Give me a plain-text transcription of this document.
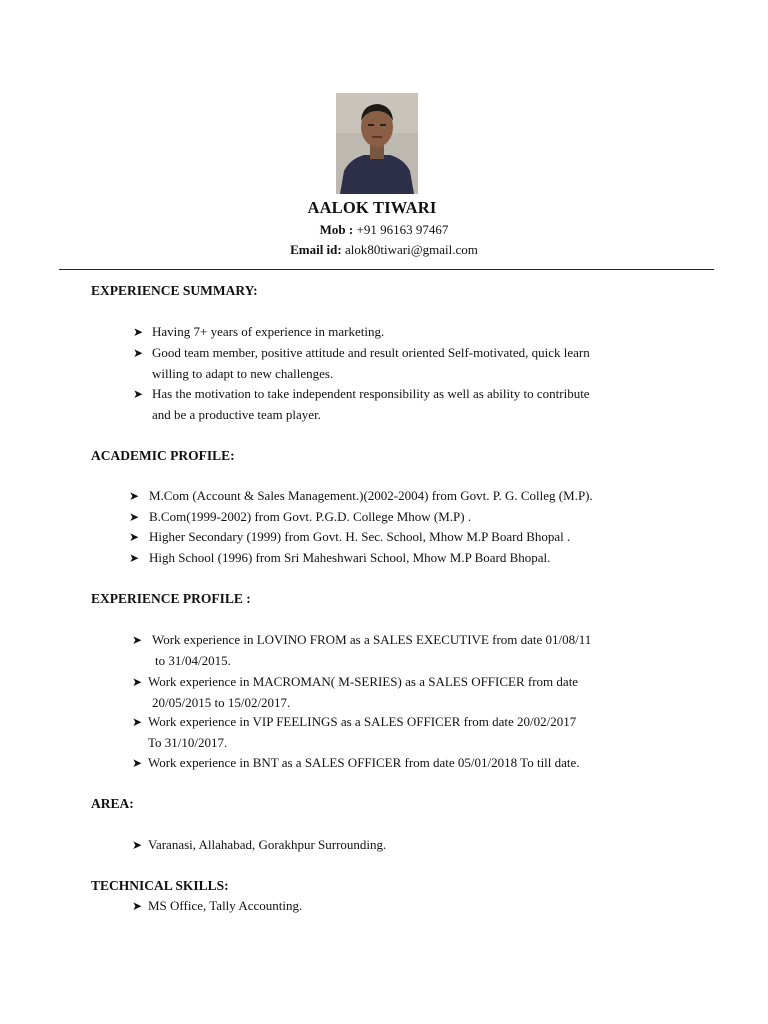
AALOK TIWARI
Mob : +91 96163 97467
Email id: alok80tiwari@gmail.com
EXPERIENCE SUMMARY:
➤ Having 7+ years of experience in marketing.
➤ Good team member, positive attitude and result oriented Self-motivated, quick learn
willing to adapt to new challenges.
➤ Has the motivation to take independent responsibility as well as ability to contribute
and be a productive team player.
ACADEMIC PROFILE:
➤ M.Com (Account & Sales Management.)(2002-2004) from Govt. P. G. Colleg (M.P).
➤ B.Com(1999-2002) from Govt. P.G.D. College Mhow (M.P) .
➤ Higher Secondary (1999) from Govt. H. Sec. School, Mhow M.P Board Bhopal .
➤ High School (1996) from Sri Maheshwari School, Mhow M.P Board Bhopal.
EXPERIENCE PROFILE :
➤ Work experience in LOVINO FROM as a SALES EXECUTIVE from date 01/08/11
to 31/04/2015.
➤ Work experience in MACROMAN( M-SERIES) as a SALES OFFICER from date
20/05/2015 to 15/02/2017.
➤ Work experience in VIP FEELINGS as a SALES OFFICER from date 20/02/2017
To 31/10/2017.
➤ Work experience in BNT as a SALES OFFICER from date 05/01/2018 To till date.
AREA:
➤ Varanasi, Allahabad, Gorakhpur Surrounding.
TECHNICAL SKILLS:
➤ MS Office, Tally Accounting.
